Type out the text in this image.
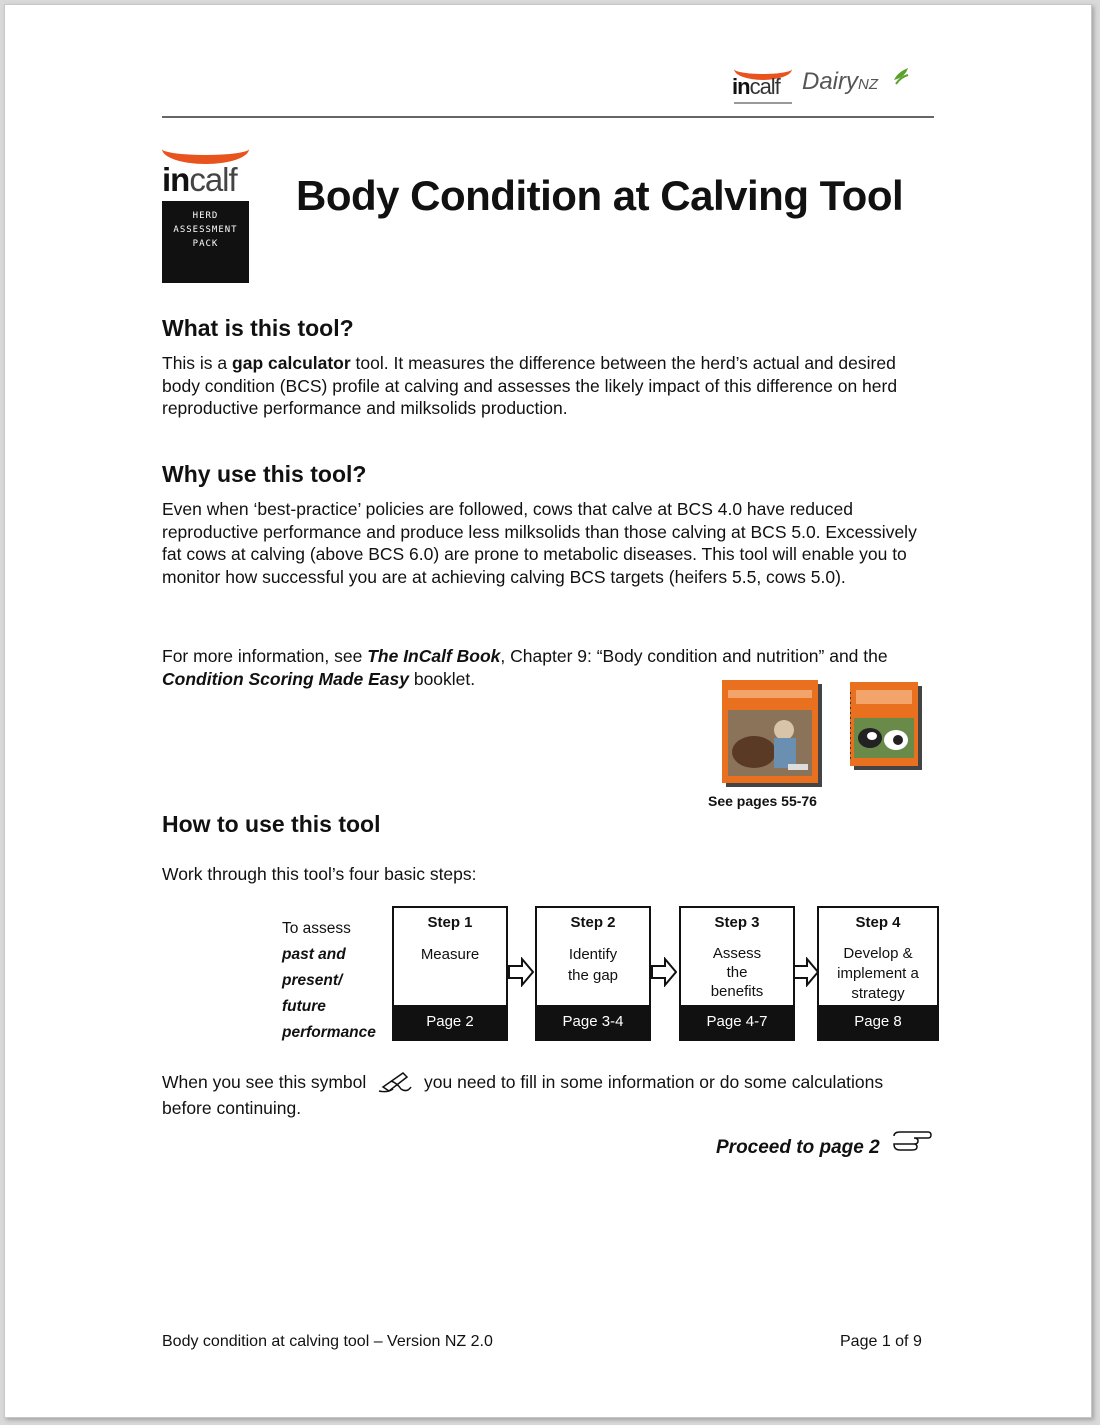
incalf DairyNZ
incalf
HERD
ASSESSMENT
PACK
Body Condition at Calving Tool
What is this tool?
This is a gap calculator tool. It measures the difference between the herd’s actual and desired body condition (BCS) profile at calving and assesses the likely impact of this difference on herd reproductive performance and milksolids production.
Why use this tool?
Even when ‘best-practice’ policies are followed, cows that calve at BCS 4.0 have reduced reproductive performance and produce less milksolids than those calving at BCS 5.0. Excessively fat cows at calving (above BCS 6.0) are prone to metabolic diseases. This tool will enable you to monitor how successful you are at achieving calving BCS targets (heifers 5.5, cows 5.0).
For more information, see The InCalf Book, Chapter 9: “Body condition and nutrition” and the Condition Scoring Made Easy booklet.
See pages 55-76
How to use this tool
Work through this tool’s four basic steps:
To assess
past and
present/
future
performance
Step 1
Measure
Page 2
Step 2
Identify
the gap
Page 3-4
Step 3
Assess
the
benefits
Page 4-7
Step 4
Develop &
implement a
strategy
Page 8
When you see this symbol	you need to fill in some information or do some calculations before continuing.
Proceed to page 2
Body condition at calving tool – Version NZ 2.0	Page 1 of 9
